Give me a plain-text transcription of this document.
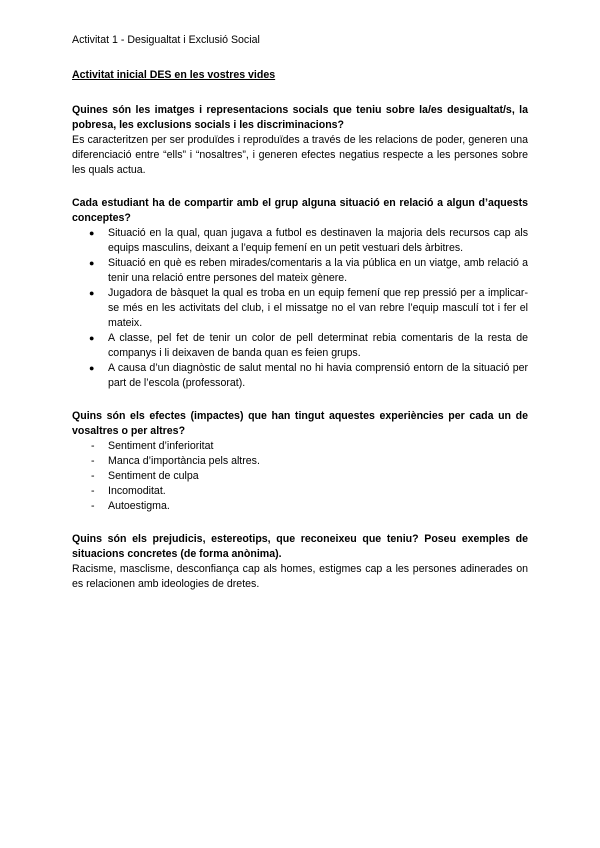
Activitat 1 - Desigualtat i Exclusió Social
Activitat inicial DES en les vostres vides
Quines són les imatges i representacions socials que teniu sobre la/es desigualtat/s, la pobresa, les exclusions socials i les discriminacions?
Es caracteritzen per ser produïdes i reproduïdes a través de les relacions de poder, generen una diferenciació entre “ells” i “nosaltres”, i generen efectes negatius respecte a les persones sobre les quals actua.
Cada estudiant ha de compartir amb el grup alguna situació en relació a algun d’aquests conceptes?
● Situació en la qual, quan jugava a futbol es destinaven la majoria dels recursos cap als equips masculins, deixant a l’equip femení en un petit vestuari dels àrbitres.
● Situació en què es reben mirades/comentaris a la via pública en un viatge, amb relació a tenir una relació entre persones del mateix gènere.
● Jugadora de bàsquet la qual es troba en un equip femení que rep pressió per a implicar-se més en les activitats del club, i el missatge no el van rebre l’equip masculí tot i fer el mateix.
● A classe, pel fet de tenir un color de pell determinat rebia comentaris de la resta de companys i li deixaven de banda quan es feien grups.
● A causa d’un diagnòstic de salut mental no hi havia comprensió entorn de la situació per part de l’escola (professorat).
Quins són els efectes (impactes) que han tingut aquestes experiències per cada un de vosaltres o per altres?
- Sentiment d’inferioritat
- Manca d’importància pels altres.
- Sentiment de culpa
- Incomoditat.
- Autoestigma.
Quins són els prejudicis, estereotips, que reconeixeu que teniu? Poseu exemples de situacions concretes (de forma anònima).
Racisme, masclisme, desconfiança cap als homes, estigmes cap a les persones adinerades on es relacionen amb ideologies de dretes.
